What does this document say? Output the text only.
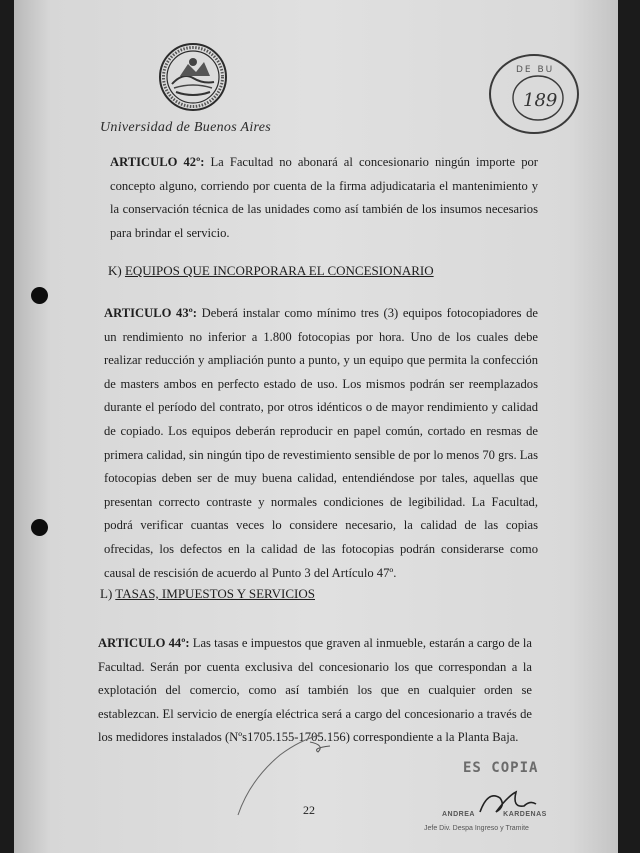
Universidad de Buenos Aires
DE BU
189

ARTICULO 42º: La Facultad no abonará al concesionario ningún importe por concepto alguno, corriendo por cuenta de la firma adjudicataria el mantenimiento y la conservación técnica de las unidades como así también de los insumos necesarios para brindar el servicio.

K) EQUIPOS QUE INCORPORARA EL CONCESIONARIO

ARTICULO 43º: Deberá instalar como mínimo tres (3) equipos fotocopiadores de un rendimiento no inferior a 1.800 fotocopias por hora. Uno de los cuales debe realizar reducción y ampliación punto a punto, y un equipo que permita la confección de masters ambos en perfecto estado de uso. Los mismos podrán ser reemplazados durante el período del contrato, por otros idénticos o de mayor rendimiento y calidad de copiado. Los equipos deberán reproducir en papel común, cortado en resmas de primera calidad, sin ningún tipo de revestimiento sensible de por lo menos 70 grs. Las fotocopias deben ser de muy buena calidad, entendiéndose por tales, aquellas que presentan correcto contraste y normales condiciones de legibilidad. La Facultad, podrá verificar cuantas veces lo considere necesario, la calidad de las copias ofrecidas, los defectos en la calidad de las fotocopias podrán considerarse como causal de rescisión de acuerdo al Punto 3 del Artículo 47º.

L) TASAS, IMPUESTOS Y SERVICIOS

ARTICULO 44º: Las tasas e impuestos que graven al inmueble, estarán a cargo de la Facultad. Serán por cuenta exclusiva del concesionario los que correspondan a la explotación del comercio, como así también los que en cualquier orden se establezcan. El servicio de energía eléctrica será a cargo del concesionario a través de los medidores instalados (Nºs1705.155-1705.156) correspondiente a la Planta Baja.

ES COPIA
22	ANDREA	KARDENAS
Jefe Div. Despa Ingreso y Tramite
